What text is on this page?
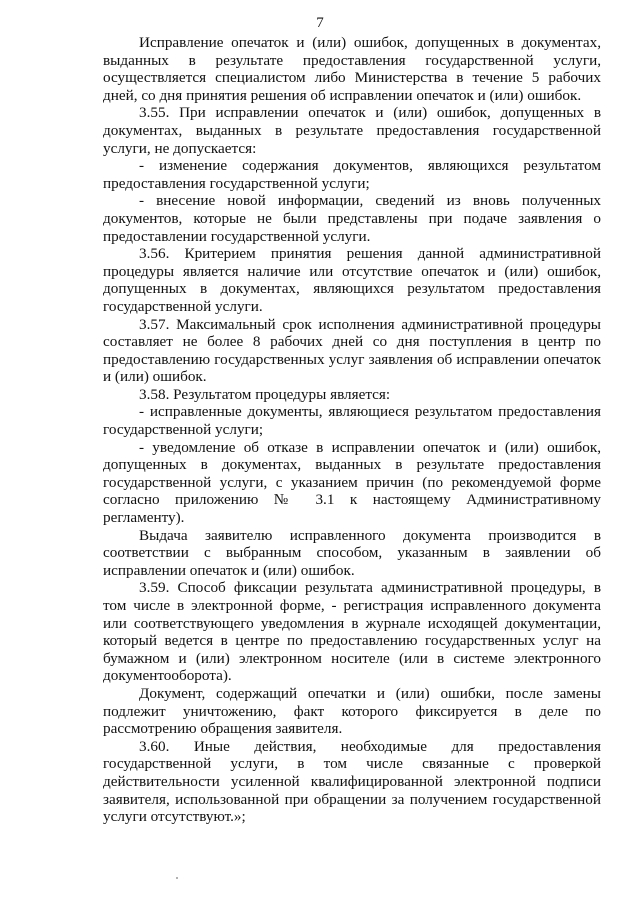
7

Исправление опечаток и (или) ошибок, допущенных в документах, выданных в результате предоставления государственной услуги, осуществляется специалистом либо Министерства в течение 5 рабочих дней, со дня принятия решения об исправлении опечаток и (или) ошибок.

3.55. При исправлении опечаток и (или) ошибок, допущенных в документах, выданных в результате предоставления государственной услуги, не допускается:

- изменение содержания документов, являющихся результатом предоставления государственной услуги;

- внесение новой информации, сведений из вновь полученных документов, которые не были представлены при подаче заявления о предоставлении государственной услуги.

3.56. Критерием принятия решения данной административной процедуры является наличие или отсутствие опечаток и (или) ошибок, допущенных в документах, являющихся результатом предоставления государственной услуги.

3.57. Максимальный срок исполнения административной процедуры составляет не более 8 рабочих дней со дня поступления в центр по предоставлению государственных услуг заявления об исправлении опечаток и (или) ошибок.

3.58. Результатом процедуры является:

- исправленные документы, являющиеся результатом предоставления государственной услуги;

- уведомление об отказе в исправлении опечаток и (или) ошибок, допущенных в документах, выданных в результате предоставления государственной услуги, с указанием причин (по рекомендуемой форме согласно приложению № 3.1 к настоящему Административному регламенту).

Выдача заявителю исправленного документа производится в соответствии с выбранным способом, указанным в заявлении об исправлении опечаток и (или) ошибок.

3.59. Способ фиксации результата административной процедуры, в том числе в электронной форме, - регистрация исправленного документа или соответствующего уведомления в журнале исходящей документации, который ведется в центре по предоставлению государственных услуг на бумажном и (или) электронном носителе (или в системе электронного документооборота).

Документ, содержащий опечатки и (или) ошибки, после замены подлежит уничтожению, факт которого фиксируется в деле по рассмотрению обращения заявителя.

3.60. Иные действия, необходимые для предоставления государственной услуги, в том числе связанные с проверкой действительности усиленной квалифицированной электронной подписи заявителя, использованной при обращении за получением государственной услуги отсутствуют.»;
